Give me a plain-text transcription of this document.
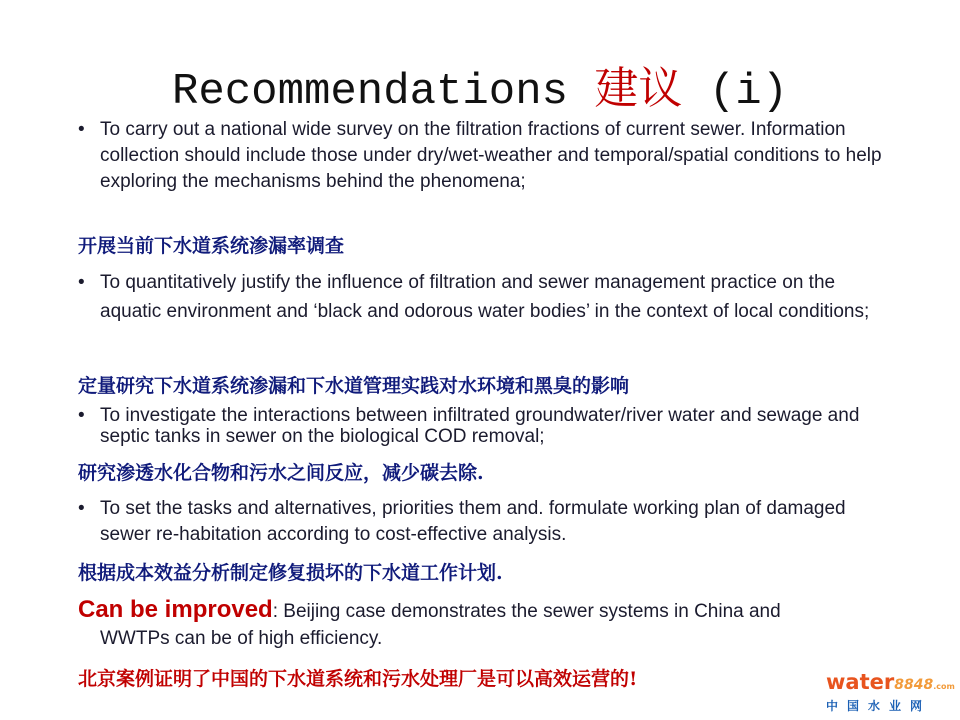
Recommendations 建议 (i)
• To carry out a national wide survey on the filtration fractions of current sewer. Information collection should include those under dry/wet-weather and temporal/spatial conditions to help exploring the mechanisms behind the phenomena;
开展当前下水道系统渗漏率调查
• To quantitatively justify the influence of filtration and sewer management practice on the aquatic environment and ‘black and odorous water bodies’ in the context of local conditions;
定量研究下水道系统渗漏和下水道管理实践对水环境和黑臭的影响
• To investigate the interactions between infiltrated groundwater/river water and sewage and septic tanks in sewer on the biological COD removal;
研究渗透水化合物和污水之间反应，减少碳去除.
• To set the tasks and alternatives, priorities them and. formulate working plan of damaged sewer re-habitation according to cost-effective analysis.
根据成本效益分析制定修复损坏的下水道工作计划.
Can be improved: Beijing case demonstrates the sewer systems in China and
WWTPs can be of high efficiency.
北京案例证明了中国的下水道系统和污水处理厂是可以高效运营的!	water8848.com
中国水业网
